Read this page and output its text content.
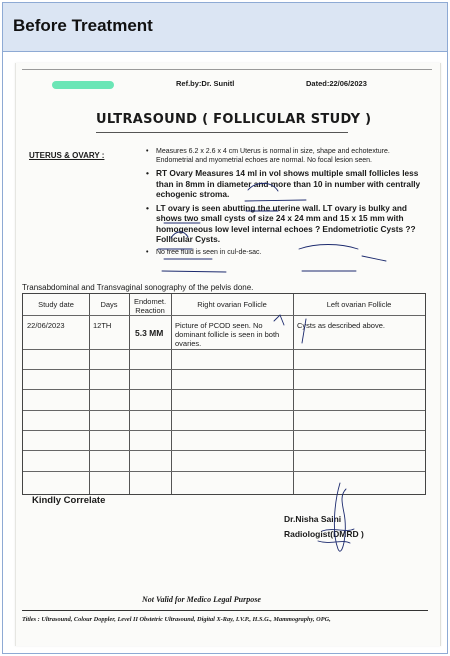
Before Treatment
Ref.by:Dr. Sunitl	Dated:22/06/2023
ULTRASOUND ( FOLLICULAR STUDY )
UTERUS & OVARY :
•	Measures 6.2 x 2.6 x 4 cm Uterus is normal in size, shape and echotexture. Endometrial and myometrial echoes are normal. No focal lesion seen.
• RT Ovary Measures 14 ml in vol shows multiple small follicles less than in 8mm in diameter and more than 10 in number with centrally echogenic stroma.
• LT ovary is seen abutting the uterine wall. LT ovary is bulky and shows two small cysts of size 24 x 24 mm and 15 x 15 mm with homogeneous low level internal echoes ? Endometriotic Cysts ?? Follicular Cysts.
• No free fluid is seen in cul-de-sac.
Transabdominal and Transvaginal sonography of the pelvis done.
Study date	Days	Endomet. Reaction
Right ovarian Follicle	Left ovarian Follicle
22/06/2023	12TH
5.3 MM
Picture of PCOD seen. No dominant follicle is seen in both ovaries.
Cysts as described above.
Kindly Correlate
Dr.Nisha Saini
Radiologist(DMRD )
Not Valid for Medico Legal Purpose
Titles : Ultrasound, Colour Doppler, Level II Obstetric Ultrasound, Digital X-Ray, I.V.P., H.S.G., Mammography, OPG,
